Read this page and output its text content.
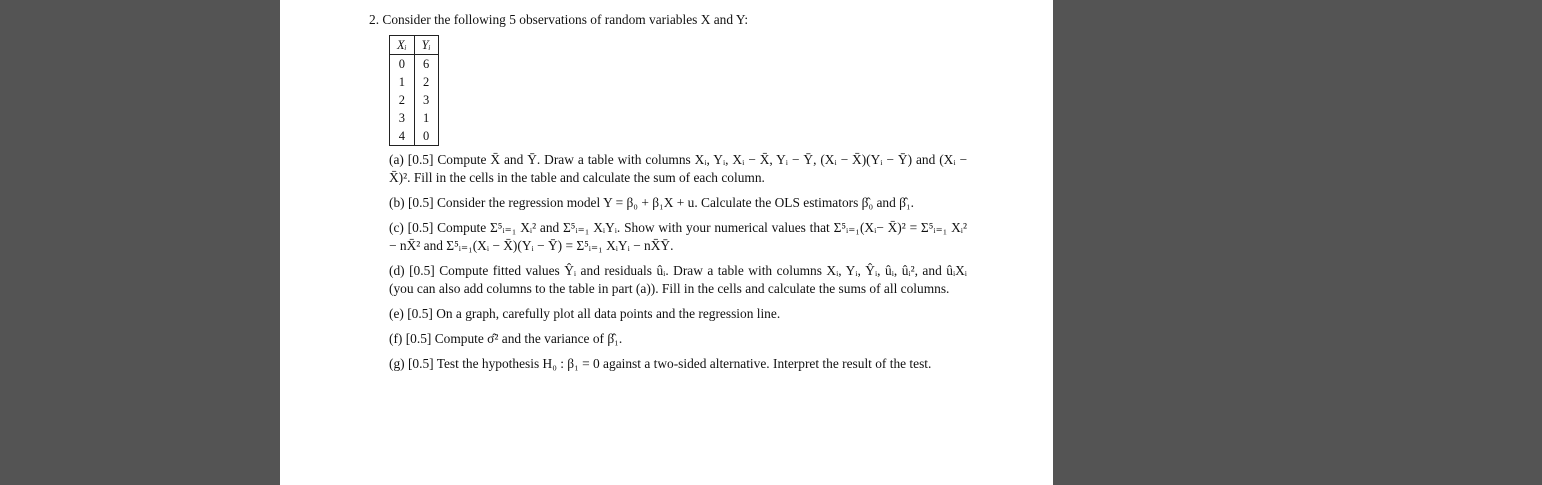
2. Consider the following 5 observations of random variables X and Y:

Xᵢ	Yᵢ
0	6
1	2
2	3
3	1
4	0

(a) [0.5] Compute X̄ and Ȳ. Draw a table with columns Xᵢ, Yᵢ, Xᵢ − X̄, Yᵢ − Ȳ, (Xᵢ − X̄)(Yᵢ − Ȳ) and (Xᵢ − X̄)². Fill in the cells in the table and calculate the sum of each column.

(b) [0.5] Consider the regression model Y = β₀ + β₁X + u. Calculate the OLS estimators β̂₀ and β̂₁.

(c) [0.5] Compute Σ⁵ᵢ₌₁ Xᵢ² and Σ⁵ᵢ₌₁ XᵢYᵢ. Show with your numerical values that Σ⁵ᵢ₌₁(Xᵢ− X̄)² = Σ⁵ᵢ₌₁ Xᵢ² − nX̄² and Σ⁵ᵢ₌₁(Xᵢ − X̄)(Yᵢ − Ȳ) = Σ⁵ᵢ₌₁ XᵢYᵢ − nX̄Ȳ.

(d) [0.5] Compute fitted values Ŷᵢ and residuals ûᵢ. Draw a table with columns Xᵢ, Yᵢ, Ŷᵢ, ûᵢ, ûᵢ², and ûᵢXᵢ (you can also add columns to the table in part (a)). Fill in the cells and calculate the sums of all columns.

(e) [0.5] On a graph, carefully plot all data points and the regression line.

(f) [0.5] Compute σ̂² and the variance of β̂₁.

(g) [0.5] Test the hypothesis H₀ : β₁ = 0 against a two-sided alternative. Interpret the result of the test.
